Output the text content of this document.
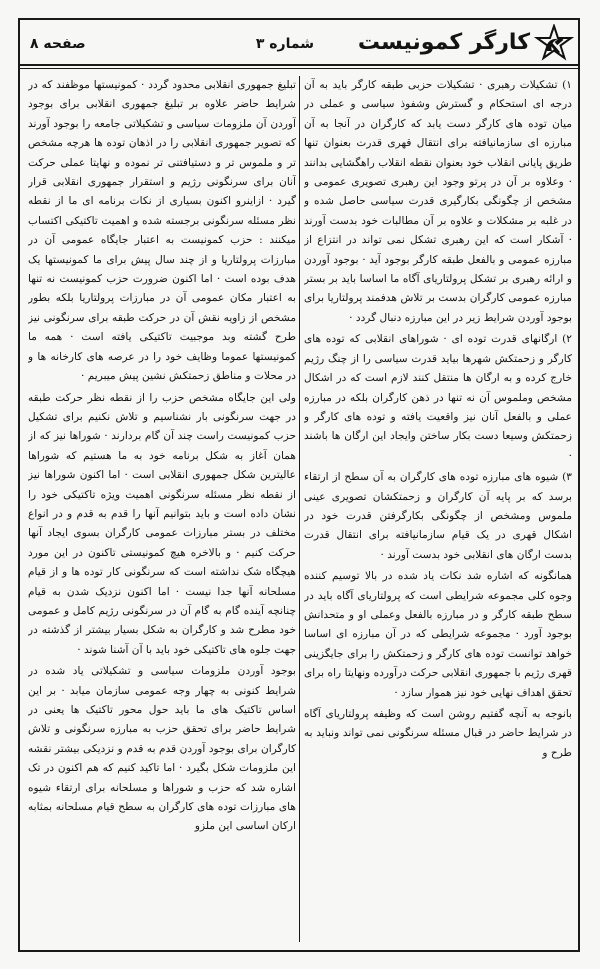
کارگر کمونیست
شماره ۳
صفحه ۸

۱) تشکیلات رهبری · تشکیلات حزبی طبقه کارگر باید به آن درجه ای استحکام و گسترش وشفوذ سیاسی و عملی در میان توده های کارگر دست یابد که کارگران در آنجا به آن مبارزه ای سازمانیافته برای انتقال قهری قدرت بعنوان تنها طریق پایانی انقلاب خود بعنوان نقطه انقلاب راهگشایی بدانند · وعلاوه بر آن در پرتو وجود این رهبری تصویری عمومی و مشخص از چگونگی بکارگیری قدرت سیاسی حاصل شده و در غلبه بر مشکلات و علاوه بر آن مطالبات خود بدست آورند · آشکار است که این رهبری تشکل نمی تواند در انتزاع از مبارزه عمومی و بالفعل طبقه کارگر بوجود آید · بوجود آوردن و ارائه رهبری بر تشکل پرولتاریای آگاه ما اساسا باید بر بستر مبارزه عمومی کارگران بدست بر تلاش هدفمند پرولتاریا برای بوجود آوردن شرایط زیر در این مبارزه دنبال گردد ·

۲) ارگانهای قدرت توده ای · شوراهای انقلابی که توده های کارگر و زحمتکش شهرها بیاید قدرت سیاسی را از چنگ رژیم خارج کرده و به ارگان ها منتقل کنند لازم است که در اشکال مشخص وملموس آن نه تنها در ذهن کارگران بلکه در مبارزه عملی و بالفعل آنان نیز واقعیت یافته و توده های کارگر و زحمتکش وسیعا دست بکار ساختن وایجاد این ارگان ها باشند ·

۳) شیوه های مبارزه توده های کارگران به آن سطح از ارتقاء برسد که بر پایه آن کارگران و زحمتکشان تصویری عینی ملموس ومشخص از چگونگی بکارگرفتن قدرت خود در اشکال قهری در یک قیام سازمانیافته برای انتقال قدرت بدست ارگان های انقلابی خود بدست آورند ·

همانگونه که اشاره شد نکات یاد شده در بالا توسیم کننده وجوه کلی مجموعه شرایطی است که پرولتاریای آگاه باید در سطح طبقه کارگر و در مبارزه بالفعل وعملی او و متحدانش بوجود آورد · مجموعه شرایطی که در آن مبارزه ای اساسا خواهد توانست توده های کارگر و زحمتکش را برای جایگزینی قهری رژیم با جمهوری انقلابی حرکت درآورده ونهایتا راه برای تحقق اهداف نهایی خود نیز هموار سازد ·

بانوجه به آنچه گفتیم روشن است که وظیفه پرولتاریای آگاه در شرایط حاضر در قبال مسئله سرنگونی نمی تواند ونباید به طرح و

تبلیغ جمهوری انقلابی محدود گردد · کمونیستها موظفند که در شرایط حاضر علاوه بر تبلیغ جمهوری انقلابی برای بوجود آوردن آن ملزومات سیاسی و تشکیلاتی جامعه را بوجود آورند که تصویر جمهوری انقلابی را در اذهان توده ها هرچه مشخص تر و ملموس تر و دستیافتنی تر نموده و نهایتا عملی حرکت آنان برای سرنگونی رژیم و استقرار جمهوری انقلابی قرار گیرد · ازاینرو اکنون بسیاری از نکات برنامه ای ما از نقطه نظر مسئله سرنگونی برجسته شده و اهمیت تاکتیکی اکتساب میکنند : حزب کمونیست به اعتبار جایگاه عمومی آن در مبارزات پرولتاریا و از چند سال پیش برای ما کمونیستها یک هدف بوده است · اما اکنون ضرورت حزب کمونیست نه تنها به اعتبار مکان عمومی آن در مبارزات پرولتاریا بلکه بطور مشخص از زاویه نقش آن در حرکت طبقه برای سرنگونی نیز طرح گشته وبد موجبیت تاکتیکی یافته است · همه ما کمونیستها عموما وظایف خود را در عرصه های کارخانه ها و در محلات و مناطق زحمتکش نشین پیش میبریم ·

ولی این جایگاه مشخص حزب را از نقطه نظر حرکت طبقه در جهت سرنگونی بار نشناسیم و تلاش نکنیم برای تشکیل حزب کمونیست راست چند آن گام بردارند · شوراها نیز که از همان آغاز به شکل برنامه خود به ما هستیم که شوراها عالیترین شکل جمهوری انقلابی است · اما اکنون شوراها نیز از نقطه نظر مسئله سرنگونی اهمیت ویژه تاکتیکی خود را نشان داده است و باید بتوانیم آنها را قدم به قدم و در انواع مختلف در بستر مبارزات عمومی کارگران بسوی ایجاد آنها حرکت کنیم · و بالاخره هیچ کمونیستی تاکنون در این مورد هیچگاه شک نداشته است که سرنگونی کار توده ها و از قیام مسلحانه آنها جدا نیست · اما اکنون نزدیک شدن به قیام چنانچه آینده گام به گام آن در سرنگونی رژیم کامل و عمومی خود مطرح شد و کارگران به شکل بسیار بیشتر از گذشته در جهت جلوه های تاکتیکی خود باید با آن آشنا شوند ·

بوجود آوردن ملزومات سیاسی و تشکیلاتی یاد شده در شرایط کنونی به چهار وجه عمومی سازمان میابد · بر این اساس تاکتیک های ما باید حول محور تاکتیک ها یعنی در شرایط حاضر برای تحقق حزب به مبارزه سرنگونی و تلاش کارگران برای بوجود آوردن قدم به قدم و نزدیکی بیشتر نقشه این ملزومات شکل بگیرد · اما تاکید کنیم که هم اکنون در تک اشاره شد که حزب و شوراها و مسلحانه برای ارتقاء شیوه های مبارزات توده های کارگران به سطح قیام مسلحانه بمثابه ارکان اساسی این ملزو
